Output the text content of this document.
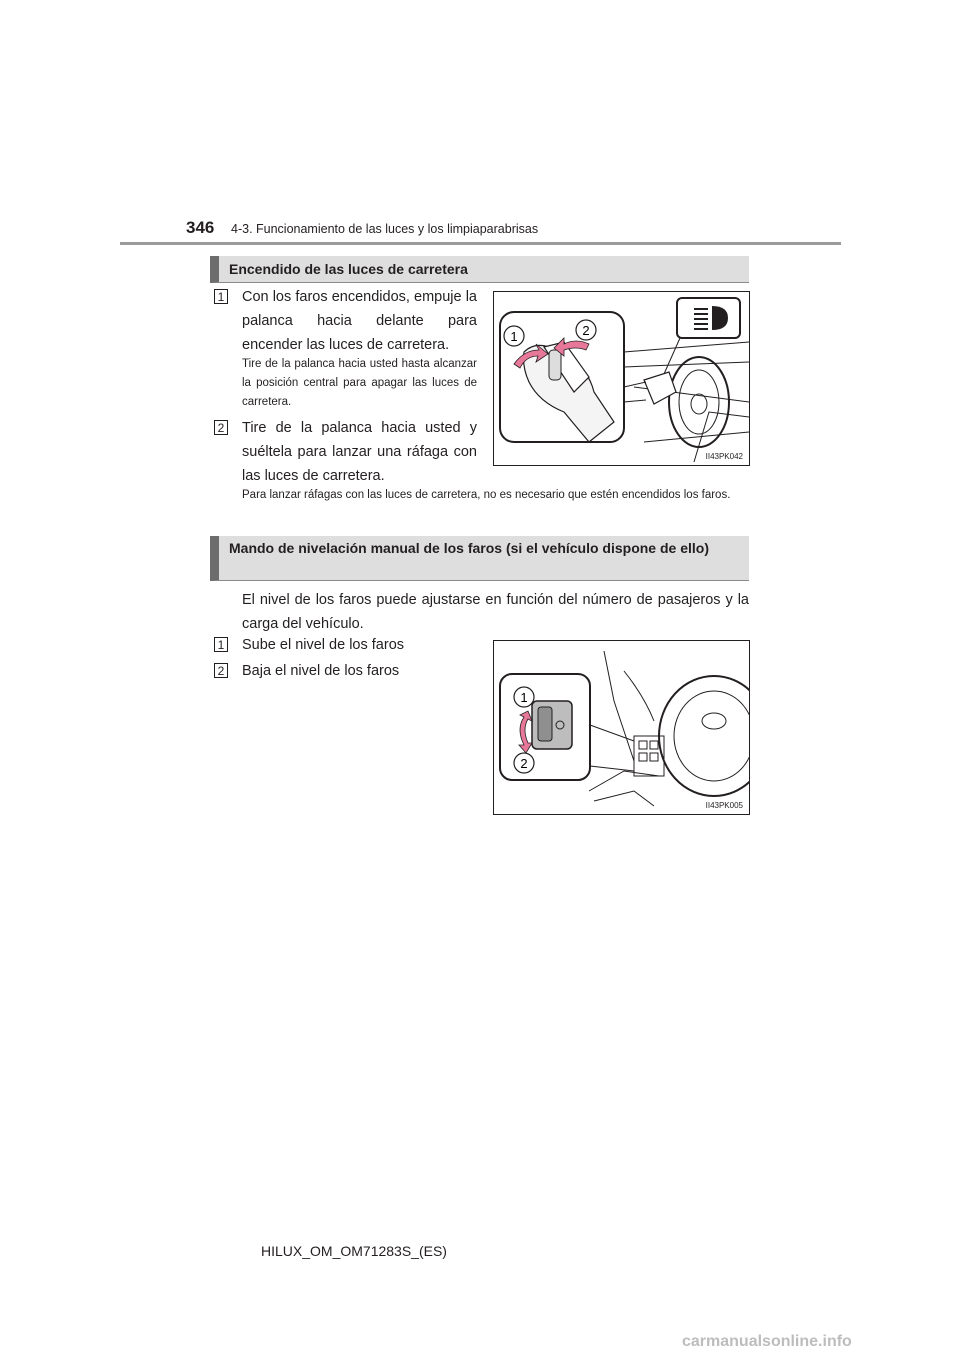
346 4-3. Funcionamiento de las luces y los limpiaparabrisas
Encendido de las luces de carretera
1 Con los faros encendidos, empuje la palanca hacia delante para encender las luces de carretera.
Tire de la palanca hacia usted hasta alcanzar la posición central para apagar las luces de carretera.
2 Tire de la palanca hacia usted y suéltela para lanzar una ráfaga con las luces de carretera.
Para lanzar ráfagas con las luces de carretera, no es necesario que estén encendidos los faros.
1	2
II43PK042
Mando de nivelación manual de los faros (si el vehículo dispone de ello)
El nivel de los faros puede ajustarse en función del número de pasajeros y la carga del vehículo.
1 Sube el nivel de los faros
2 Baja el nivel de los faros
1
2
II43PK005
HILUX_OM_OM71283S_(ES)
carmanualsonline.info
